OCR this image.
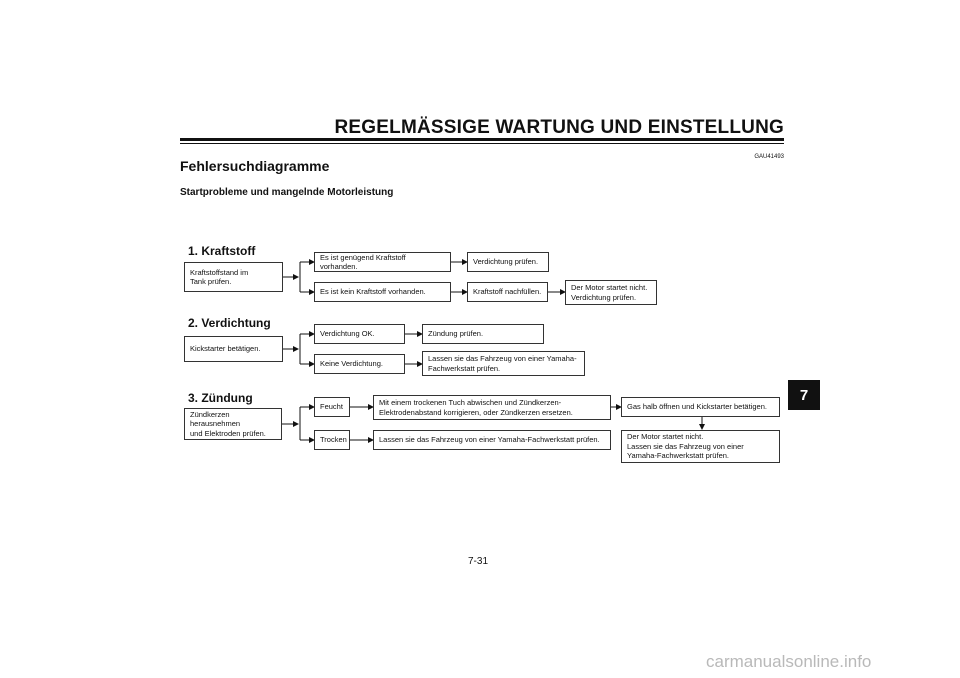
REGELMÄSSIGE WARTUNG UND EINSTELLUNG
GAU41493
Fehlersuchdiagramme
Startprobleme und mangelnde Motorleistung
1. Kraftstoff
Kraftstoffstand im
Tank prüfen.
Es ist genügend Kraftstoff vorhanden.
Verdichtung prüfen.
Es ist kein Kraftstoff vorhanden.	Kraftstoff nachfüllen.	Der Motor startet nicht.
Verdichtung prüfen.
2. Verdichtung
Kickstarter betätigen.
Verdichtung OK.	Zündung prüfen.
Keine Verdichtung.
Lassen sie das Fahrzeug von einer Yamaha-
Fachwerkstatt prüfen.
3. Zündung
Zündkerzen herausnehmen
und Elektroden prüfen.
Feucht	Mit einem trockenen Tuch abwischen und Zündkerzen-
Elektrodenabstand korrigieren, oder Zündkerzen ersetzen.
Gas halb öffnen und Kickstarter betätigen.
Trocken	Lassen sie das Fahrzeug von einer Yamaha-Fachwerkstatt prüfen.	Der Motor startet nicht.
Lassen sie das Fahrzeug von einer
Yamaha-Fachwerkstatt prüfen.
7
7-31
carmanualsonline.info
